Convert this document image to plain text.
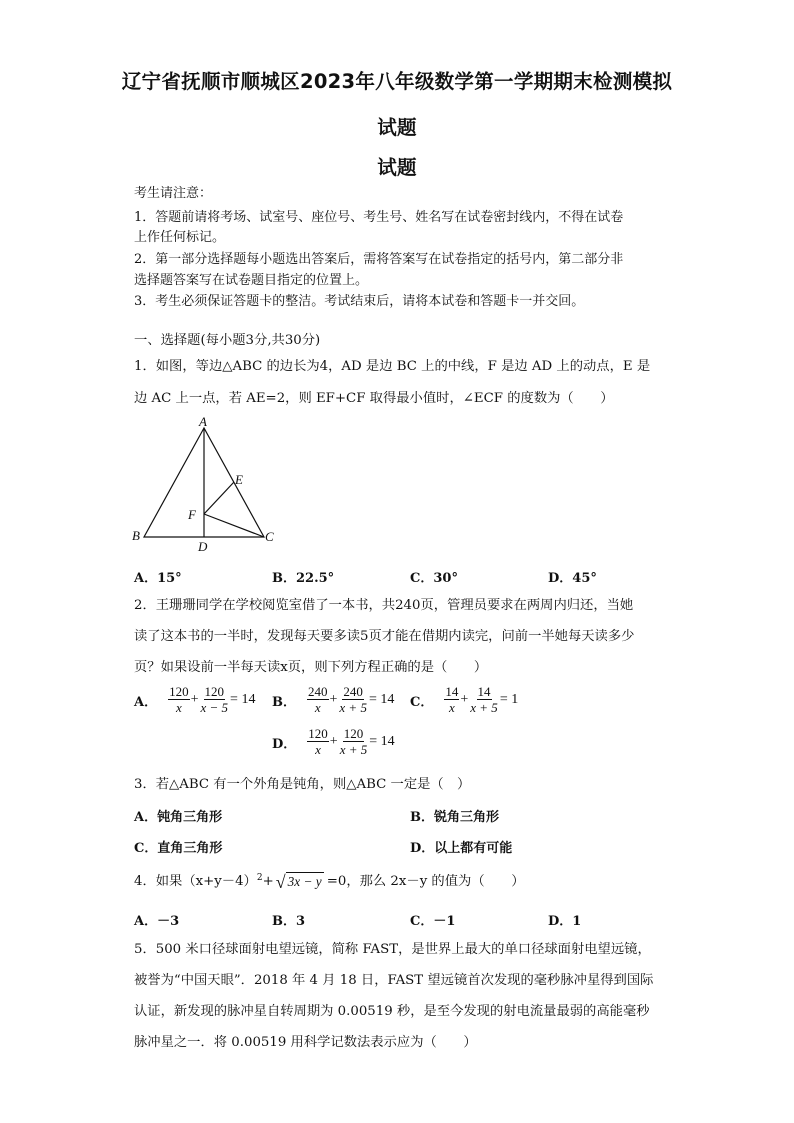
辽宁省抚顺市顺城区2023年八年级数学第一学期期末检测模拟
试题
试题
考生请注意：
1．答题前请将考场、试室号、座位号、考生号、姓名写在试卷密封线内，不得在试卷
上作任何标记。
2．第一部分选择题每小题选出答案后，需将答案写在试卷指定的括号内，第二部分非
选择题答案写在试卷题目指定的位置上。
3．考生必须保证答题卡的整洁。考试结束后，请将本试卷和答题卡一并交回。
一、选择题(每小题3分,共30分)
1．如图，等边△ABC 的边长为4，AD 是边 BC 上的中线，F 是边 AD 上的动点，E 是
边 AC 上一点，若 AE=2，则 EF+CF 取得最小值时，∠ECF 的度数为（　　）
A
B	C
D
E
F
A．15°	B．22.5°	C．30°	D．45°
2．王珊珊同学在学校阅览室借了一本书，共240页，管理员要求在两周内归还，当她
读了这本书的一半时，发现每天要多读5页才能在借期内读完，问前一半她每天读多少
页？如果设前一半每天读x页，则下列方程正确的是（　　）
A． $\frac{120}{x} + \frac{120}{x - 5} = 14$ B． $\frac{240}{x} + \frac{240}{x + 5} = 14$ C． $\frac{14}{x} + \frac{14}{x + 5} = 1$
D． $\frac{120}{x} + \frac{120}{x + 5} = 14$
3．若△ABC 有一个外角是钝角，则△ABC 一定是（　）
A．钝角三角形	B．锐角三角形
C．直角三角形	D．以上都有可能
4．如果$(x+y-4)^2$ + √ 3x − y =0，那么 2x－y 的值为（　　）
A．－3	B．3	C．－1	D．1
5．500 米口径球面射电望远镜，简称 FAST，是世界上最大的单口径球面射电望远镜，
被誉为“中国天眼”．2018 年 4 月 18 日，FAST 望远镜首次发现的毫秒脉冲星得到国际
认证，新发现的脉冲星自转周期为 0.00519 秒，是至今发现的射电流量最弱的高能毫秒
脉冲星之一．将 0.00519 用科学记数法表示应为（　　）
